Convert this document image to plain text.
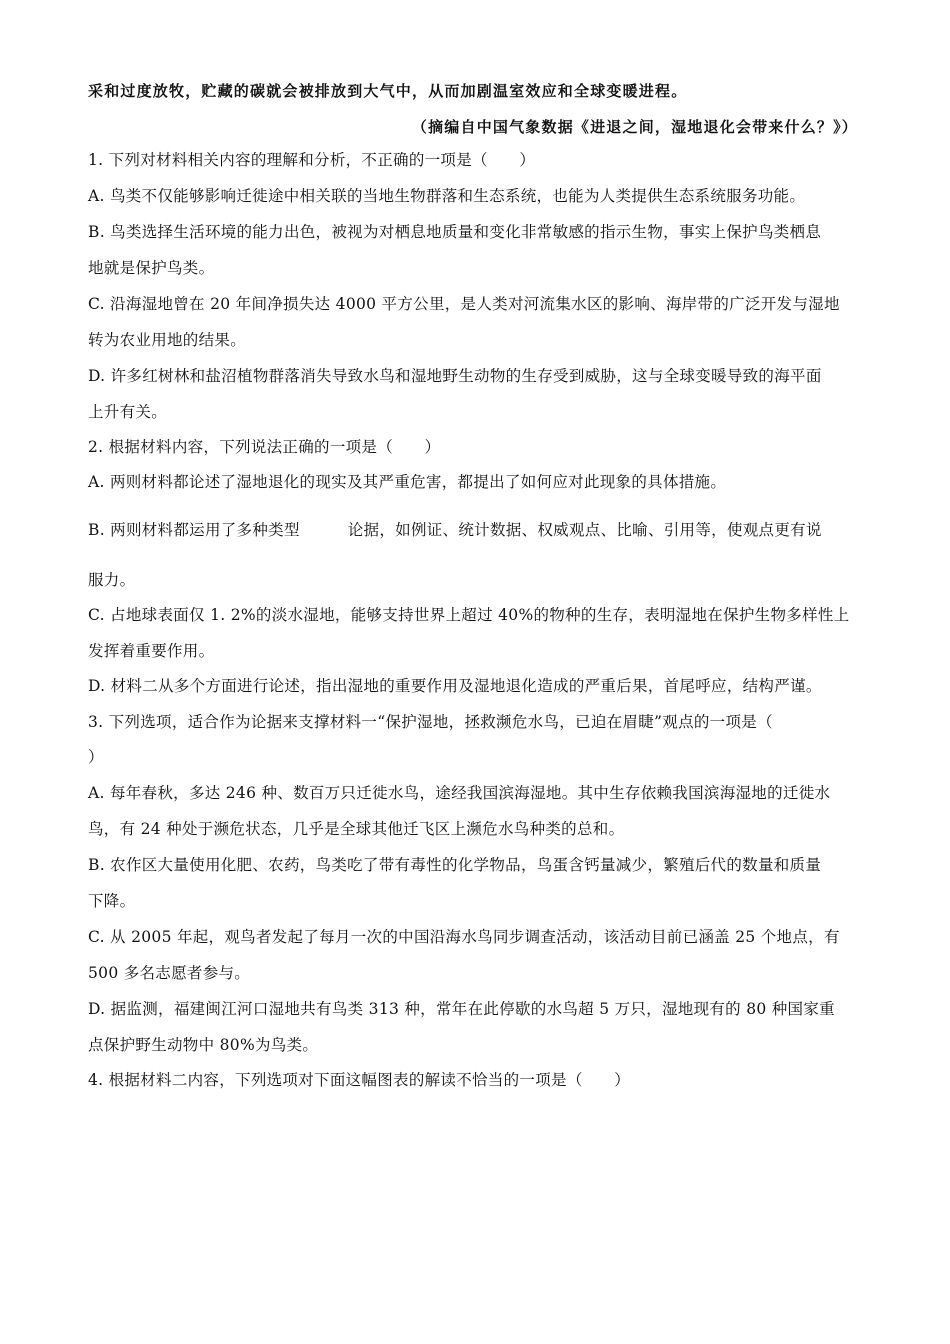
采和过度放牧，贮藏的碳就会被排放到大气中，从而加剧温室效应和全球变暖进程。
（摘编自中国气象数据《进退之间，湿地退化会带来什么？》）
1. 下列对材料相关内容的理解和分析，不正确的一项是（　　）
A. 鸟类不仅能够影响迁徙途中相关联的当地生物群落和生态系统，也能为人类提供生态系统服务功能。
B. 鸟类选择生活环境的能力出色，被视为对栖息地质量和变化非常敏感的指示生物，事实上保护鸟类栖息
地就是保护鸟类。
C. 沿海湿地曾在 20 年间净损失达 4000 平方公里，是人类对河流集水区的影响、海岸带的广泛开发与湿地
转为农业用地的结果。
D. 许多红树林和盐沼植物群落消失导致水鸟和湿地野生动物的生存受到威胁，这与全球变暖导致的海平面
上升有关。
2. 根据材料内容，下列说法正确的一项是（　　）
A. 两则材料都论述了湿地退化的现实及其严重危害，都提出了如何应对此现象的具体措施。
B. 两则材料都运用了多种类型	论据，如例证、统计数据、权威观点、比喻、引用等，使观点更有说
服力。
C. 占地球表面仅 1. 2%的淡水湿地，能够支持世界上超过 40%的物种的生存，表明湿地在保护生物多样性上
发挥着重要作用。
D. 材料二从多个方面进行论述，指出湿地的重要作用及湿地退化造成的严重后果，首尾呼应，结构严谨。
3. 下列选项，适合作为论据来支撑材料一“保护湿地，拯救濒危水鸟，已迫在眉睫”观点的一项是（
）
A. 每年春秋，多达 246 种、数百万只迁徙水鸟，途经我国滨海湿地。其中生存依赖我国滨海湿地的迁徙水
鸟，有 24 种处于濒危状态，几乎是全球其他迁飞区上濒危水鸟种类的总和。
B. 农作区大量使用化肥、农药，鸟类吃了带有毒性的化学物品，鸟蛋含钙量减少，繁殖后代的数量和质量
下降。
C. 从 2005 年起，观鸟者发起了每月一次的中国沿海水鸟同步调查活动，该活动目前已涵盖 25 个地点，有
500 多名志愿者参与。
D. 据监测，福建闽江河口湿地共有鸟类 313 种，常年在此停歇的水鸟超 5 万只，湿地现有的 80 种国家重
点保护野生动物中 80%为鸟类。
4. 根据材料二内容，下列选项对下面这幅图表的解读不恰当的一项是（　　）
